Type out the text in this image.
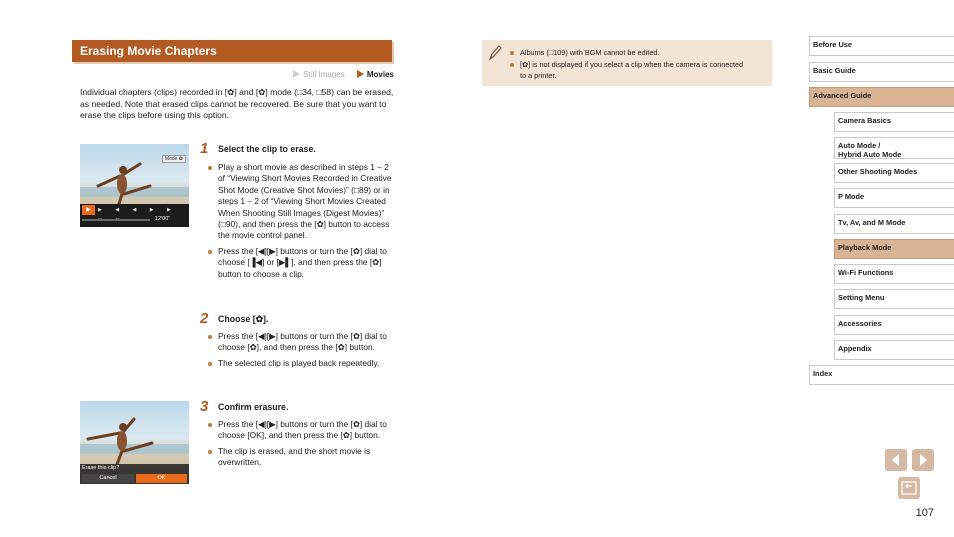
Erasing Movie Chapters
Still Images	Movies
Individual chapters (clips) recorded in [✿] and [✿] mode (□34, □58) can be erased, as needed. Note that erased clips cannot be recovered. Be sure that you want to erase the clips before using this option.
Mode ✿
▶	▶ ◀ ◀ ▶ ▶
12'00"
Erase this clip?
Cancel	OK
1 Select the clip to erase.
Play a short movie as described in steps 1 – 2 of “Viewing Short Movies Recorded in Creative Shot Mode (Creative Shot Movies)” (□89) or in steps 1 – 2 of “Viewing Short Movies Created When Shooting Still Images (Digest Movies)” (□90), and then press the [✿] button to access the movie control panel.
Press the [◀][▶] buttons or turn the [✿] dial to choose [▐◀] or [▶▌], and then press the [✿] button to choose a clip.
2 Choose [✿].
Press the [◀][▶] buttons or turn the [✿] dial to choose [✿], and then press the [✿] button.
The selected clip is played back repeatedly.
3 Confirm erasure.
Press the [◀][▶] buttons or turn the [✿] dial to choose [OK], and then press the [✿] button.
The clip is erased, and the short movie is overwritten.
Albums (□109) with BGM cannot be edited.
[✿] is not displayed if you select a clip when the camera is connected to a printer.
Before Use
Basic Guide
Advanced Guide
Camera Basics
Auto Mode /
Hybrid Auto Mode
Other Shooting Modes
P Mode
Tv, Av, and M Mode
Playback Mode
Wi-Fi Functions
Setting Menu
Accessories
Appendix
Index
107
